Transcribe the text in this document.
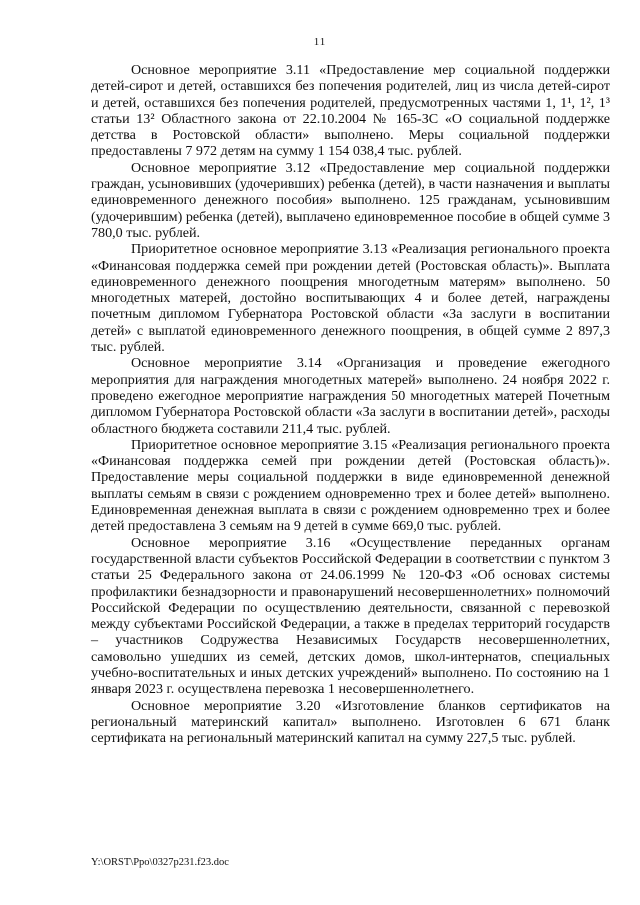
11

Основное мероприятие 3.11 «Предоставление мер социальной поддержки детей-сирот и детей, оставшихся без попечения родителей, лиц из числа детей-сирот и детей, оставшихся без попечения родителей, предусмотренных частями 1, 1¹, 1², 1³ статьи 13² Областного закона от 22.10.2004 № 165-ЗС «О социальной поддержке детства в Ростовской области» выполнено. Меры социальной поддержки предоставлены 7 972 детям на сумму 1 154 038,4 тыс. рублей.

Основное мероприятие 3.12 «Предоставление мер социальной поддержки граждан, усыновивших (удочеривших) ребенка (детей), в части назначения и выплаты единовременного денежного пособия» выполнено. 125 гражданам, усыновившим (удочерившим) ребенка (детей), выплачено единовременное пособие в общей сумме 3 780,0 тыс. рублей.

Приоритетное основное мероприятие 3.13 «Реализация регионального проекта «Финансовая поддержка семей при рождении детей (Ростовская область)». Выплата единовременного денежного поощрения многодетным матерям» выполнено. 50 многодетных матерей, достойно воспитывающих 4 и более детей, награждены почетным дипломом Губернатора Ростовской области «За заслуги в воспитании детей» с выплатой единовременного денежного поощрения, в общей сумме 2 897,3 тыс. рублей.

Основное мероприятие 3.14 «Организация и проведение ежегодного мероприятия для награждения многодетных матерей» выполнено. 24 ноября 2022 г. проведено ежегодное мероприятие награждения 50 многодетных матерей Почетным дипломом Губернатора Ростовской области «За заслуги в воспитании детей», расходы областного бюджета составили 211,4 тыс. рублей.

Приоритетное основное мероприятие 3.15 «Реализация регионального проекта «Финансовая поддержка семей при рождении детей (Ростовская область)». Предоставление меры социальной поддержки в виде единовременной денежной выплаты семьям в связи с рождением одновременно трех и более детей» выполнено. Единовременная денежная выплата в связи с рождением одновременно трех и более детей предоставлена 3 семьям на 9 детей в сумме 669,0 тыс. рублей.

Основное мероприятие 3.16 «Осуществление переданных органам государственной власти субъектов Российской Федерации в соответствии с пунктом 3 статьи 25 Федерального закона от 24.06.1999 № 120-ФЗ «Об основах системы профилактики безнадзорности и правонарушений несовершеннолетних» полномочий Российской Федерации по осуществлению деятельности, связанной с перевозкой между субъектами Российской Федерации, а также в пределах территорий государств – участников Содружества Независимых Государств несовершеннолетних, самовольно ушедших из семей, детских домов, школ-интернатов, специальных учебно-воспитательных и иных детских учреждений» выполнено. По состоянию на 1 января 2023 г. осуществлена перевозка 1 несовершеннолетнего.

Основное мероприятие 3.20 «Изготовление бланков сертификатов на региональный материнский капитал» выполнено. Изготовлен 6 671 бланк сертификата на региональный материнский капитал на сумму 227,5 тыс. рублей.

Y:\ORST\Ppo\0327p231.f23.doc
